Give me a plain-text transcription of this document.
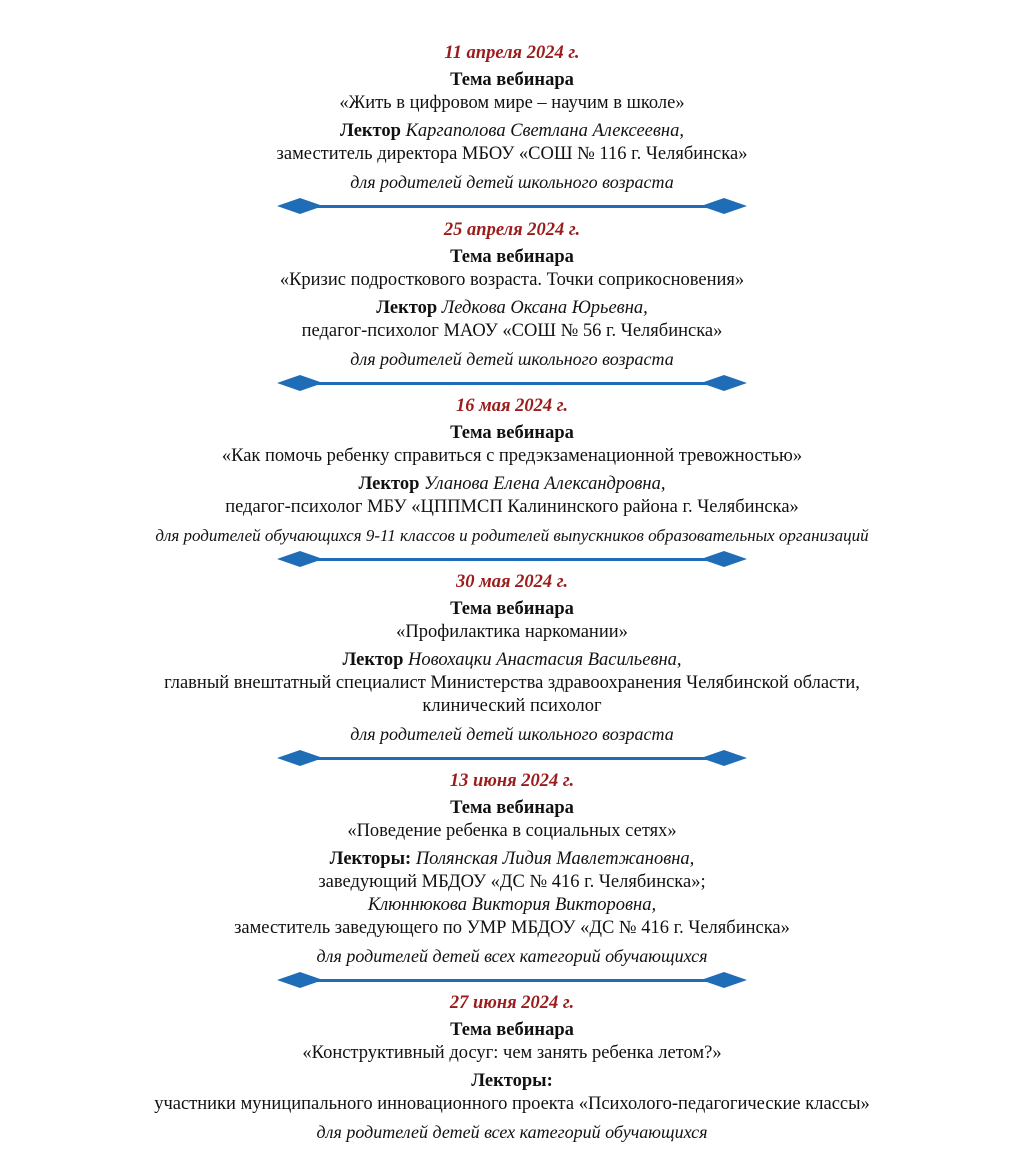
11 апреля 2024 г.
Тема вебинара
«Жить в цифровом мире – научим в школе»
Лектор Каргаполова Светлана Алексеевна,
заместитель директора МБОУ «СОШ № 116 г. Челябинска»
для родителей детей школьного возраста
25 апреля 2024 г.
Тема вебинара
«Кризис подросткового возраста. Точки соприкосновения»
Лектор Ледкова Оксана Юрьевна,
педагог-психолог МАОУ «СОШ № 56 г. Челябинска»
для родителей детей школьного возраста
16 мая 2024 г.
Тема вебинара
«Как помочь ребенку справиться с предэкзаменационной тревожностью»
Лектор Уланова Елена Александровна,
педагог-психолог МБУ «ЦППМСП Калининского района г. Челябинска»
для родителей обучающихся 9-11 классов и родителей выпускников образовательных организаций
30 мая 2024 г.
Тема вебинара
«Профилактика наркомании»
Лектор Новохацки Анастасия Васильевна,
главный внештатный специалист Министерства здравоохранения Челябинской области,
клинический психолог
для родителей детей школьного возраста
13 июня 2024 г.
Тема вебинара
«Поведение ребенка в социальных сетях»
Лекторы: Полянская Лидия Мавлетжановна,
заведующий МБДОУ «ДС № 416 г. Челябинска»;
Клюннюкова Виктория Викторовна,
заместитель заведующего по УМР МБДОУ «ДС № 416 г. Челябинска»
для родителей детей всех категорий обучающихся
27 июня 2024 г.
Тема вебинара
«Конструктивный досуг: чем занять ребенка летом?»
Лекторы:
участники муниципального инновационного проекта «Психолого-педагогические классы»
для родителей детей всех категорий обучающихся
